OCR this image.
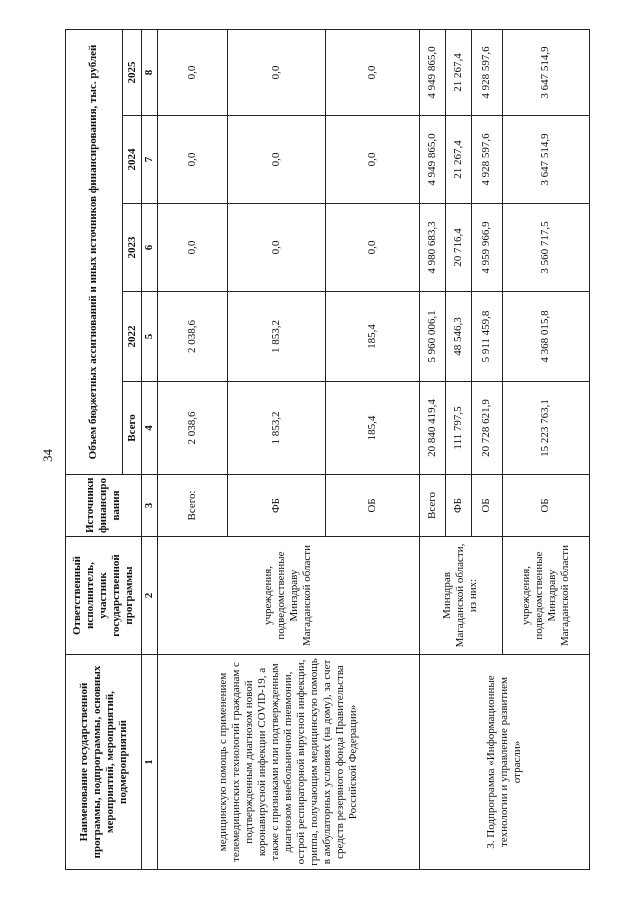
34
Наименование государственной программы, подпрограммы, основных мероприятий, мероприятий, подмероприятий	Ответственный исполнитель, участник государственной программы	Источники финансиро вания	Объем бюджетных ассигнований и иных источников финансирования, тыс. рублей				
			Всего	2022	2023	2024	2025
1	2	3	4	5	6	7	8
медицинскую помощь с применением телемедицинских технологий гражданам с подтвержденным диагнозом новой коронавирусной инфекции COVID-19, а также с признаками или подтвержденным диагнозом внебольничной пневмонии, острой респираторной вирусной инфекции, гриппа, получающим медицинскую помощь в амбулаторных условиях (на дому), за счет средств резервного фонда Правительства Российской Федерации»	учреждения, подведомственные Минздраву Магаданской области	Всего:	2 038,6	2 038,6	0,0	0,0	0,0
		ФБ	1 853,2	1 853,2	0,0	0,0	0,0
		ОБ	185,4	185,4	0,0	0,0	0,0
3. Подпрограмма «Информационные технологии и управление развитием отрасли»	Минздрав Магаданской области, из них:	Всего	20 840 419,4	5 960 006,1	4 980 683,3	4 949 865,0	4 949 865,0
		ФБ	111 797,5	48 546,3	20 716,4	21 267,4	21 267,4
		ОБ	20 728 621,9	5 911 459,8	4 959 966,9	4 928 597,6	4 928 597,6
	учреждения, подведомственные Минздраву Магаданской области	ОБ	15 223 763,1	4 368 015,8	3 560 717,5	3 647 514,9	3 647 514,9
